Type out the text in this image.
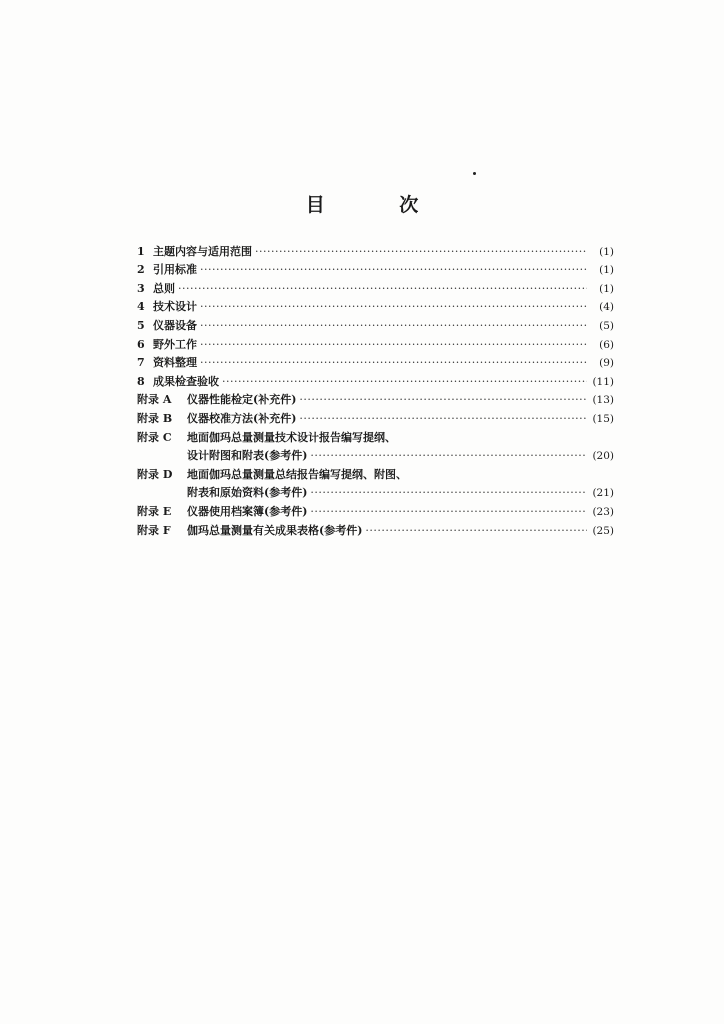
目 次
1 主题内容与适用范围 ·····	(1)
2 引用标准 ·····	(1)
3 总则 ·····	(1)
4 技术设计 ·····	(4)
5 仪器设备 ·····	(5)
6 野外工作 ·····	(6)
7 资料整理 ·····	(9)
8 成果检查验收 ·····	(11)
附录 A	仪器性能检定(补充件) ·····	(13)
附录 B	仪器校准方法(补充件) ·····	(15)
附录 C	地面伽玛总量测量技术设计报告编写提纲、
设计附图和附表(参考件) ·····	(20)
附录 D	地面伽玛总量测量总结报告编写提纲、附图、
附表和原始资料(参考件) ·····	(21)
附录 E	仪器使用档案簿(参考件) ·····	(23)
附录 F	伽玛总量测量有关成果表格(参考件) ·····	(25)
